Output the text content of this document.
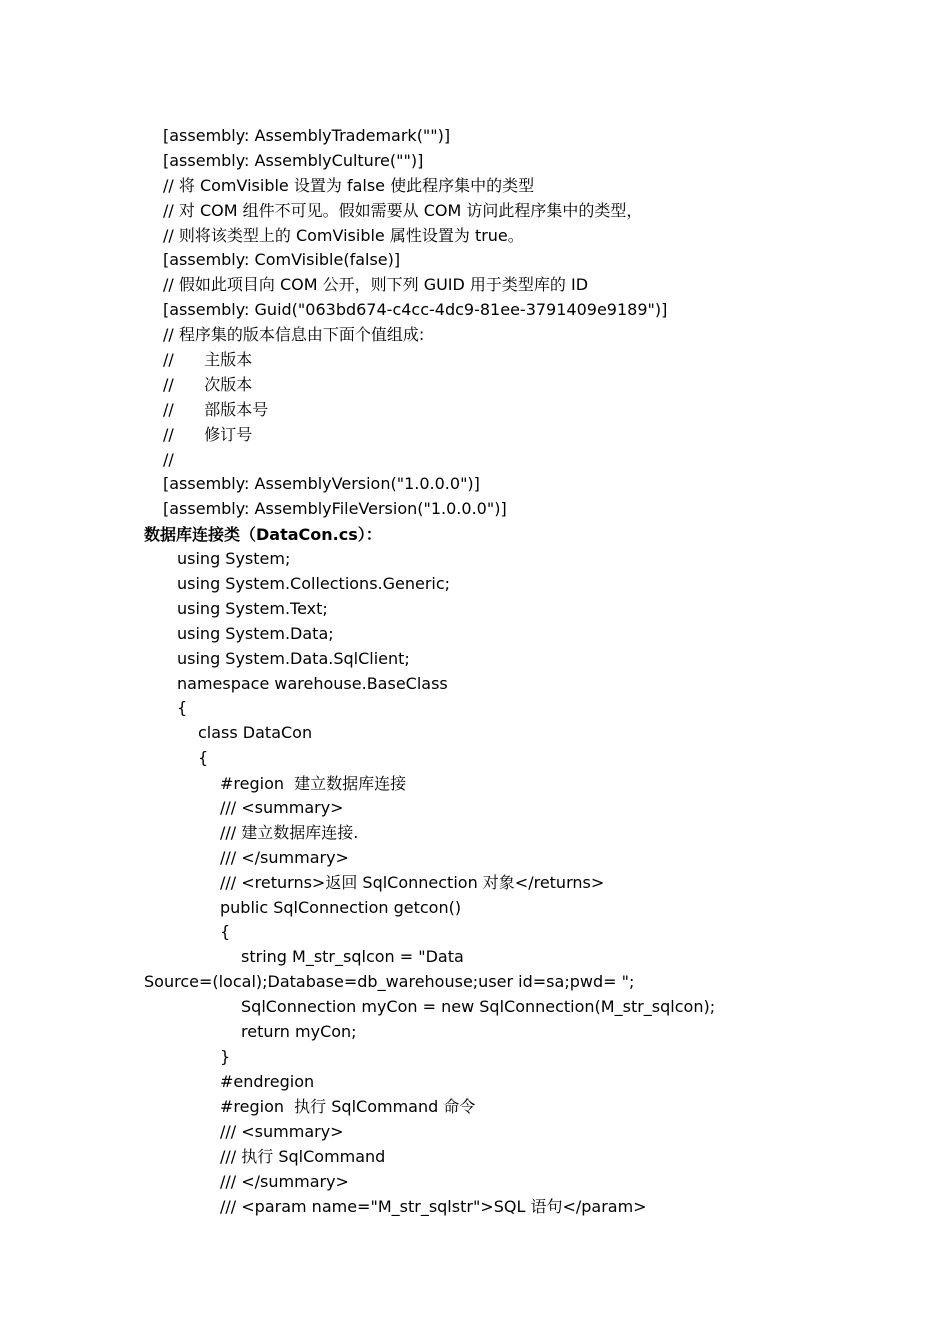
[assembly: AssemblyTrademark("")]
[assembly: AssemblyCulture("")]
// 将 ComVisible 设置为 false 使此程序集中的类型
// 对 COM 组件不可见。假如需要从 COM 访问此程序集中的类型，
// 则将该类型上的 ComVisible 属性设置为 true。
[assembly: ComVisible(false)]
// 假如此项目向 COM 公开，则下列 GUID 用于类型库的 ID
[assembly: Guid("063bd674-c4cc-4dc9-81ee-3791409e9189")]
// 程序集的版本信息由下面个值组成:
//      主版本
//      次版本
//      部版本号
//      修订号
//
[assembly: AssemblyVersion("1.0.0.0")]
[assembly: AssemblyFileVersion("1.0.0.0")]
数据库连接类（DataCon.cs）：
using System;
using System.Collections.Generic;
using System.Text;
using System.Data;
using System.Data.SqlClient;
namespace warehouse.BaseClass
{
class DataCon
{
#region  建立数据库连接
/// <summary>
/// 建立数据库连接.
/// </summary>
/// <returns>返回 SqlConnection 对象</returns>
public SqlConnection getcon()
{
string M_str_sqlcon = "Data
Source=(local);Database=db_warehouse;user id=sa;pwd= ";
SqlConnection myCon = new SqlConnection(M_str_sqlcon);
return myCon;
}
#endregion
#region  执行 SqlCommand 命令
/// <summary>
/// 执行 SqlCommand
/// </summary>
/// <param name="M_str_sqlstr">SQL 语句</param>
